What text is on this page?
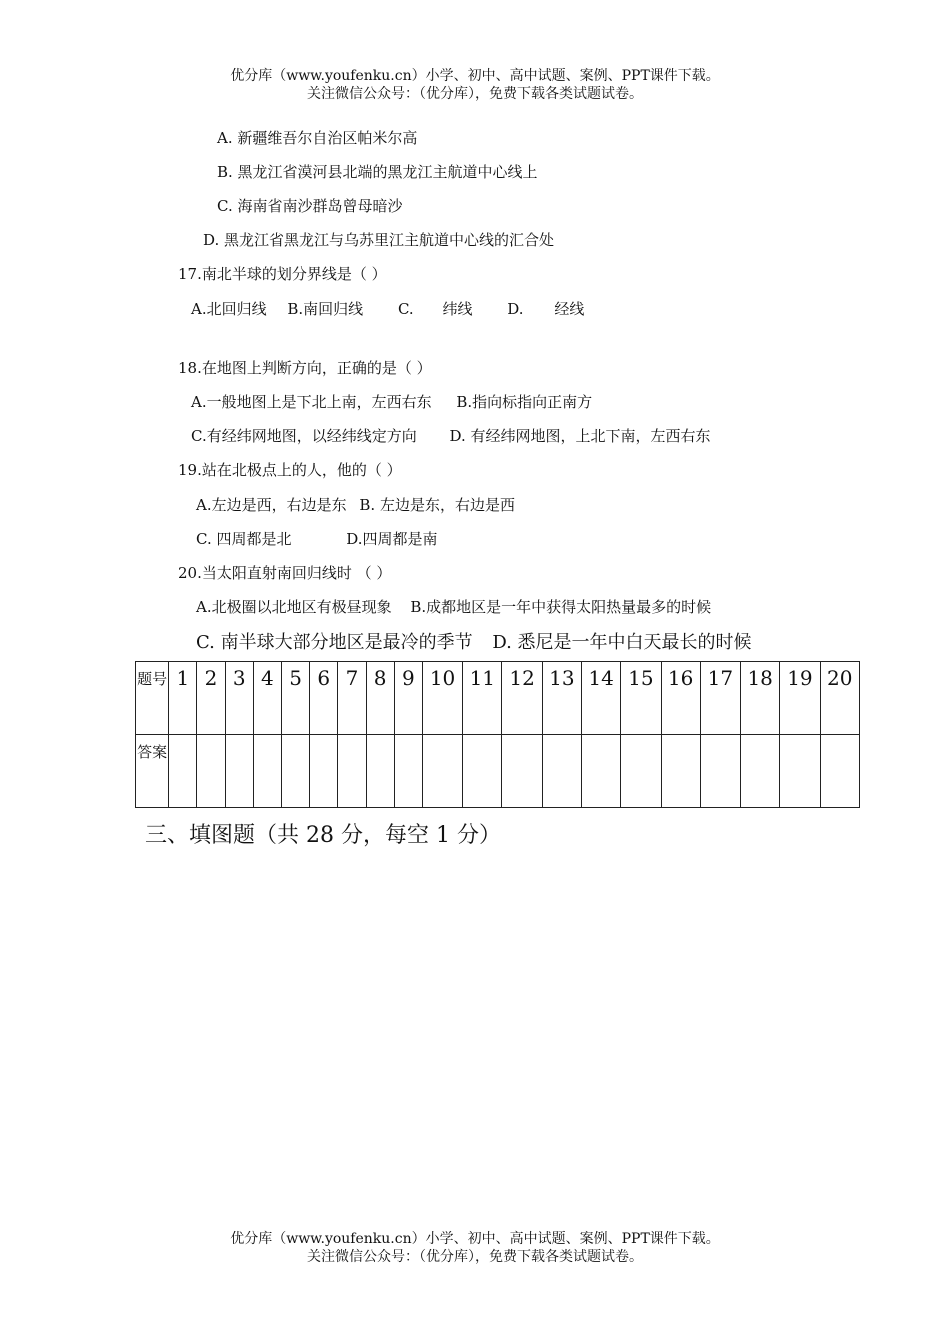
优分库（www.youfenku.cn）小学、初中、高中试题、案例、PPT课件下载。
关注微信公众号：（优分库），免费下载各类试题试卷。
A. 新疆维吾尔自治区帕米尔高
B. 黑龙江省漠河县北端的黑龙江主航道中心线上
C. 海南省南沙群岛曾母暗沙
D. 黑龙江省黑龙江与乌苏里江主航道中心线的汇合处
17.南北半球的划分界线是（ ）
A.北回归线 B.南回归线 C. 纬线 D. 经线
18.在地图上判断方向，正确的是（ ）
A.一般地图上是下北上南，左西右东 B.指向标指向正南方
C.有经纬网地图，以经纬线定方向 D. 有经纬网地图，上北下南，左西右东
19.站在北极点上的人，他的（ ）
A.左边是西，右边是东 B. 左边是东，右边是西
C. 四周都是北	D.四周都是南
20.当太阳直射南回归线时 （ ）
A.北极圈以北地区有极昼现象 B.成都地区是一年中获得太阳热量最多的时候
C. 南半球大部分地区是最冷的季节 D. 悉尼是一年中白天最长的时候
题号	1	2	3	4	5	6	7	8	9	10	11	12	13	14	15	16	17	18	19	20
答案																				
三、填图题（共 28 分，每空 1 分）
优分库（www.youfenku.cn）小学、初中、高中试题、案例、PPT课件下载。
关注微信公众号：（优分库），免费下载各类试题试卷。
